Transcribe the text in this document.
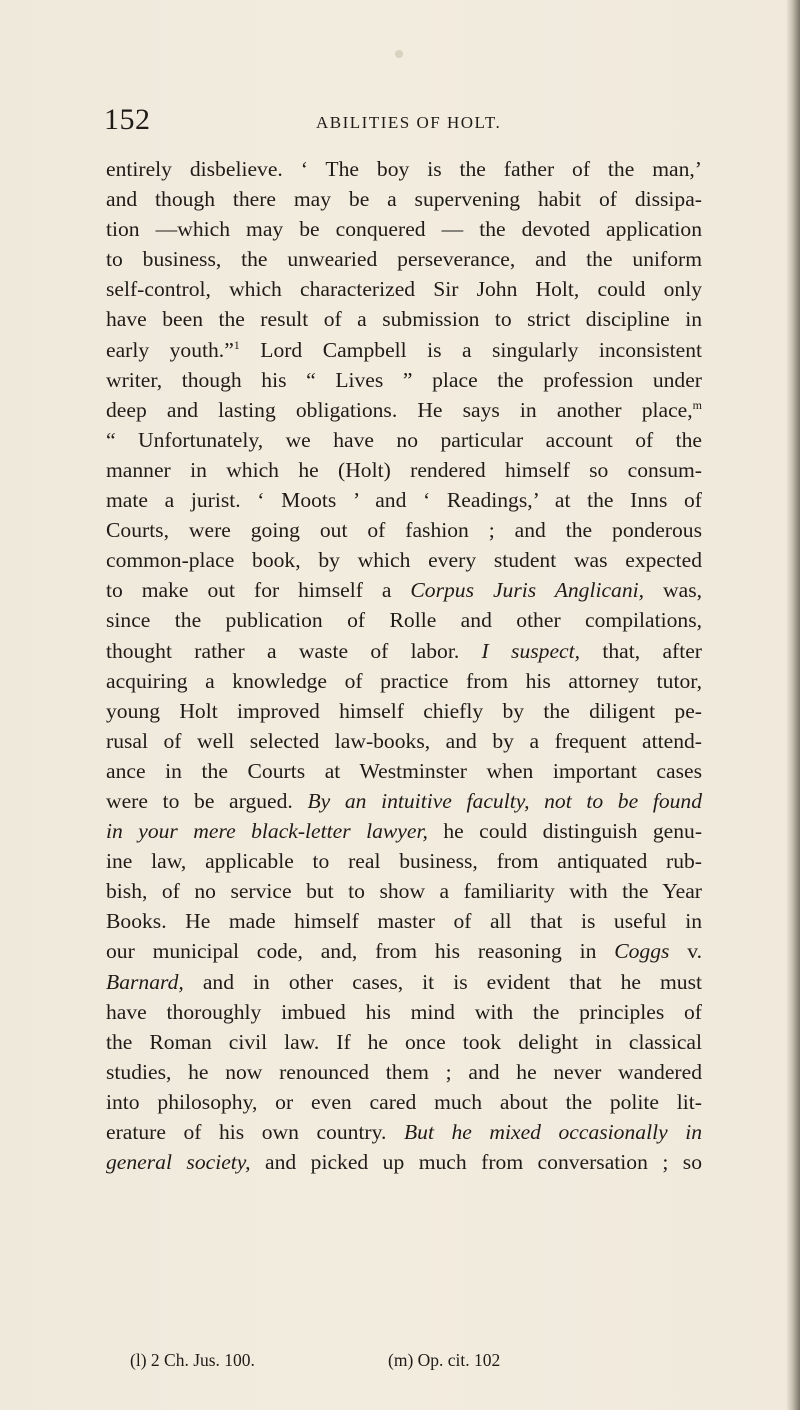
152	ABILITIES OF HOLT.
entirely disbelieve. ‘ The boy is the father of the man,’
and though there may be a supervening habit of dissipa-
tion —which may be conquered — the devoted application
to business, the unwearied perseverance, and the uniform
self-control, which characterized Sir John Holt, could only
have been the result of a submission to strict discipline in
early youth.”$^1$ Lord Campbell is a singularly inconsistent
writer, though his “ Lives ” place the profession under
deep and lasting obligations. He says in another place,$^m$
“ Unfortunately, we have no particular account of the
manner in which he (Holt) rendered himself so consum-
mate a jurist. ‘ Moots ’ and ‘ Readings,’ at the Inns of
Courts, were going out of fashion ; and the ponderous
common-place book, by which every student was expected
to make out for himself a Corpus Juris Anglicani, was,
since the publication of Rolle and other compilations,
thought rather a waste of labor. I suspect, that, after
acquiring a knowledge of practice from his attorney tutor,
young Holt improved himself chiefly by the diligent pe-
rusal of well selected law-books, and by a frequent attend-
ance in the Courts at Westminster when important cases
were to be argued. By an intuitive faculty, not to be found
in your mere black-letter lawyer, he could distinguish genu-
ine law, applicable to real business, from antiquated rub-
bish, of no service but to show a familiarity with the Year
Books. He made himself master of all that is useful in
our municipal code, and, from his reasoning in Coggs v.
Barnard, and in other cases, it is evident that he must
have thoroughly imbued his mind with the principles of
the Roman civil law. If he once took delight in classical
studies, he now renounced them ; and he never wandered
into philosophy, or even cared much about the polite lit-
erature of his own country. But he mixed occasionally in
general society, and picked up much from conversation ; so
(l) 2 Ch. Jus. 100.	(m) Op. cit. 102
